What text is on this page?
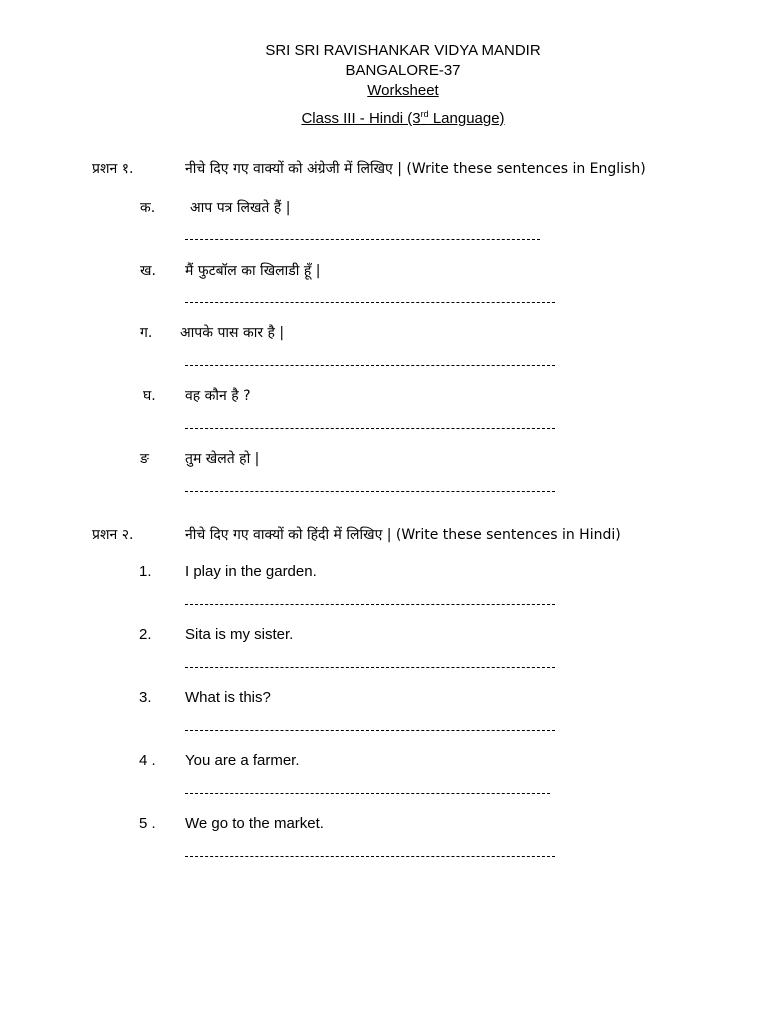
SRI SRI RAVISHANKAR VIDYA MANDIR
BANGALORE-37
Worksheet
Class III - Hindi (3rd Language)
प्रशन १.	नीचे दिए गए वाक्यों को अंग्रेजी में लिखिए | (Write these sentences in English)
क. आप पत्र लिखते हैं |
ख. मैं फुटबॉल का खिलाडी हूँ |
ग. आपके पास कार है |
घ. वह कौन है ?
ङ	तुम खेलते हो |
प्रशन २.	नीचे दिए गए वाक्यों को हिंदी में लिखिए | (Write these sentences in Hindi)
1. I play in the garden.
2. Sita is my sister.
3. What is this?
4 . You are a farmer.
5 . We go to the market.
